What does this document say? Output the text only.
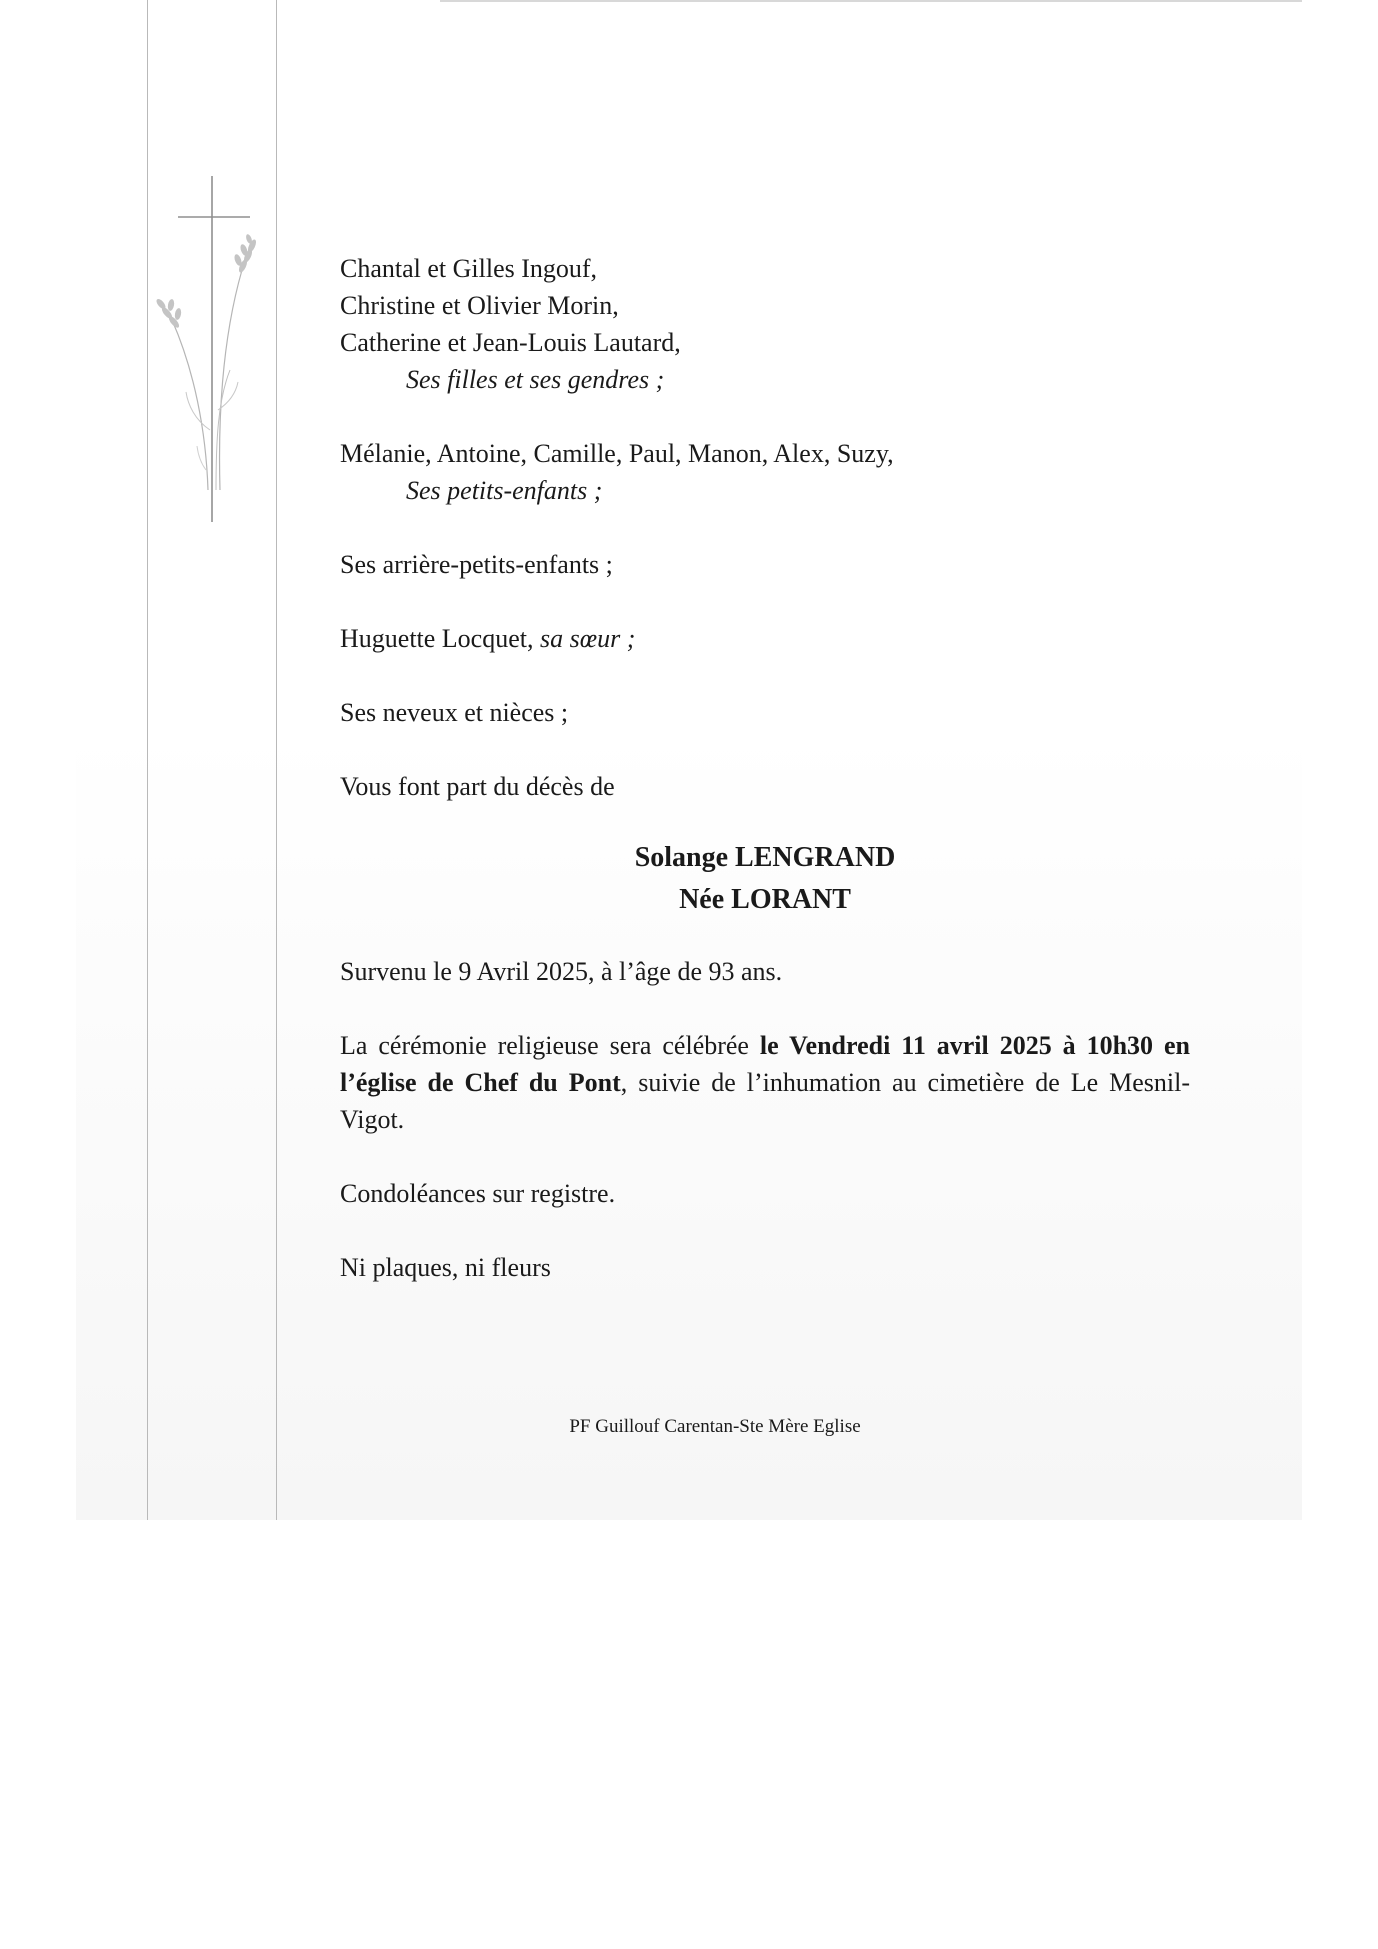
Chantal et Gilles Ingouf,
Christine et Olivier Morin,
Catherine et Jean-Louis Lautard,
Ses filles et ses gendres ;
Mélanie, Antoine, Camille, Paul, Manon, Alex, Suzy,
Ses petits-enfants ;
Ses arrière-petits-enfants ;
Huguette Locquet, sa sœur ;
Ses neveux et nièces ;
Vous font part du décès de
Solange LENGRAND
Née LORANT
Survenu le 9 Avril 2025, à l’âge de 93 ans.

La cérémonie religieuse sera célébrée le Vendredi 11 avril 2025 à 10h30 en l’église de Chef du Pont, suivie de l’inhumation au cimetière de Le Mesnil-Vigot.

Condoléances sur registre.
Ni plaques, ni fleurs
PF Guillouf Carentan-Ste Mère Eglise
